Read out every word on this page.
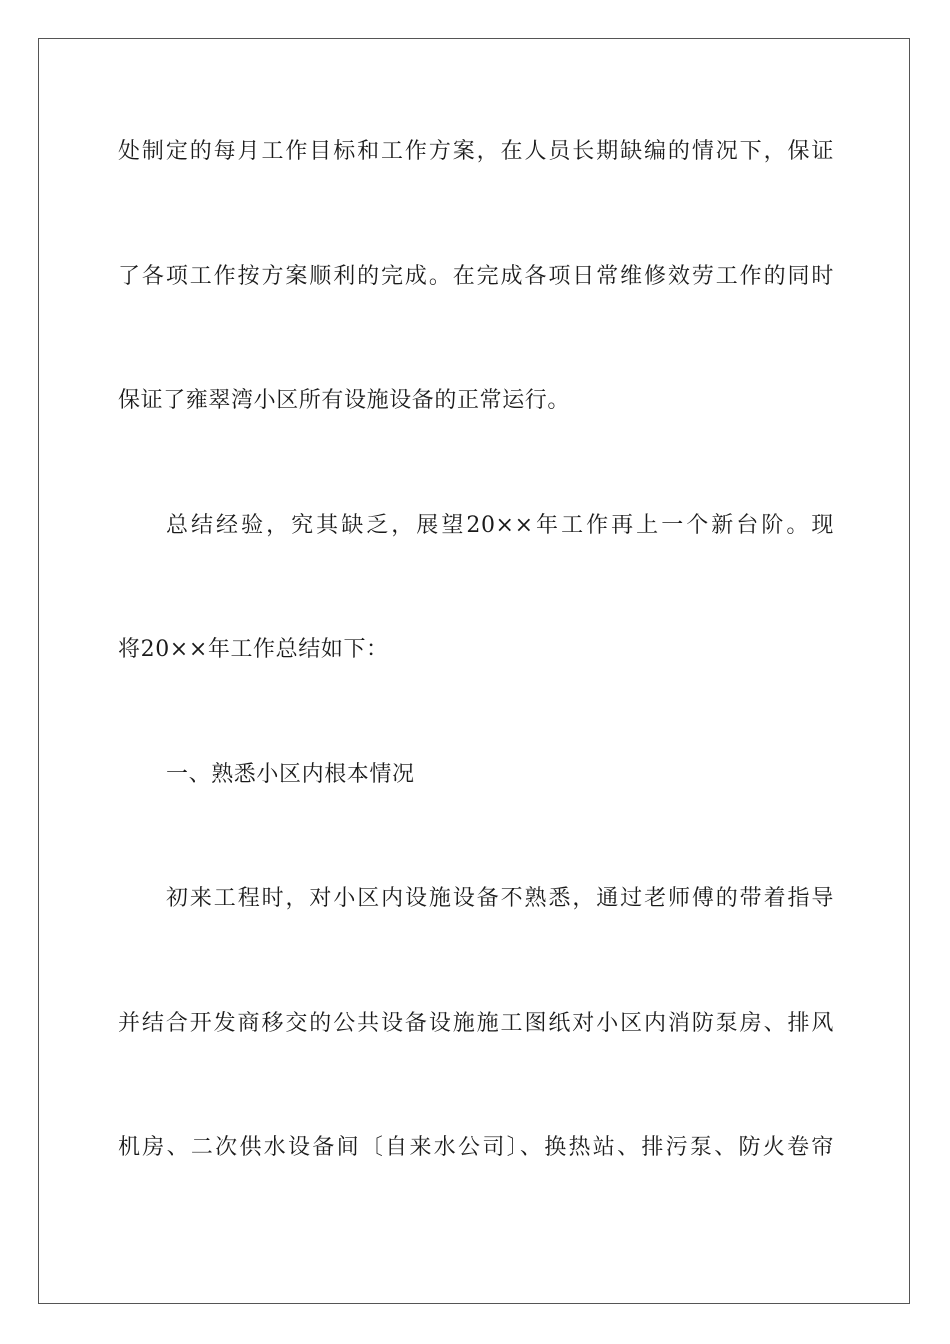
处制定的每月工作目标和工作方案，在人员长期缺编的情况下，保证
了各项工作按方案顺利的完成。在完成各项日常维修效劳工作的同时
保证了雍翠湾小区所有设施设备的正常运行。
总结经验，究其缺乏，展望20××年工作再上一个新台阶。现
将20××年工作总结如下：
一、熟悉小区内根本情况
初来工程时，对小区内设施设备不熟悉，通过老师傅的带着指导
并结合开发商移交的公共设备设施施工图纸对小区内消防泵房、排风
机房、二次供水设备间〔自来水公司〕、换热站、排污泵、防火卷帘
